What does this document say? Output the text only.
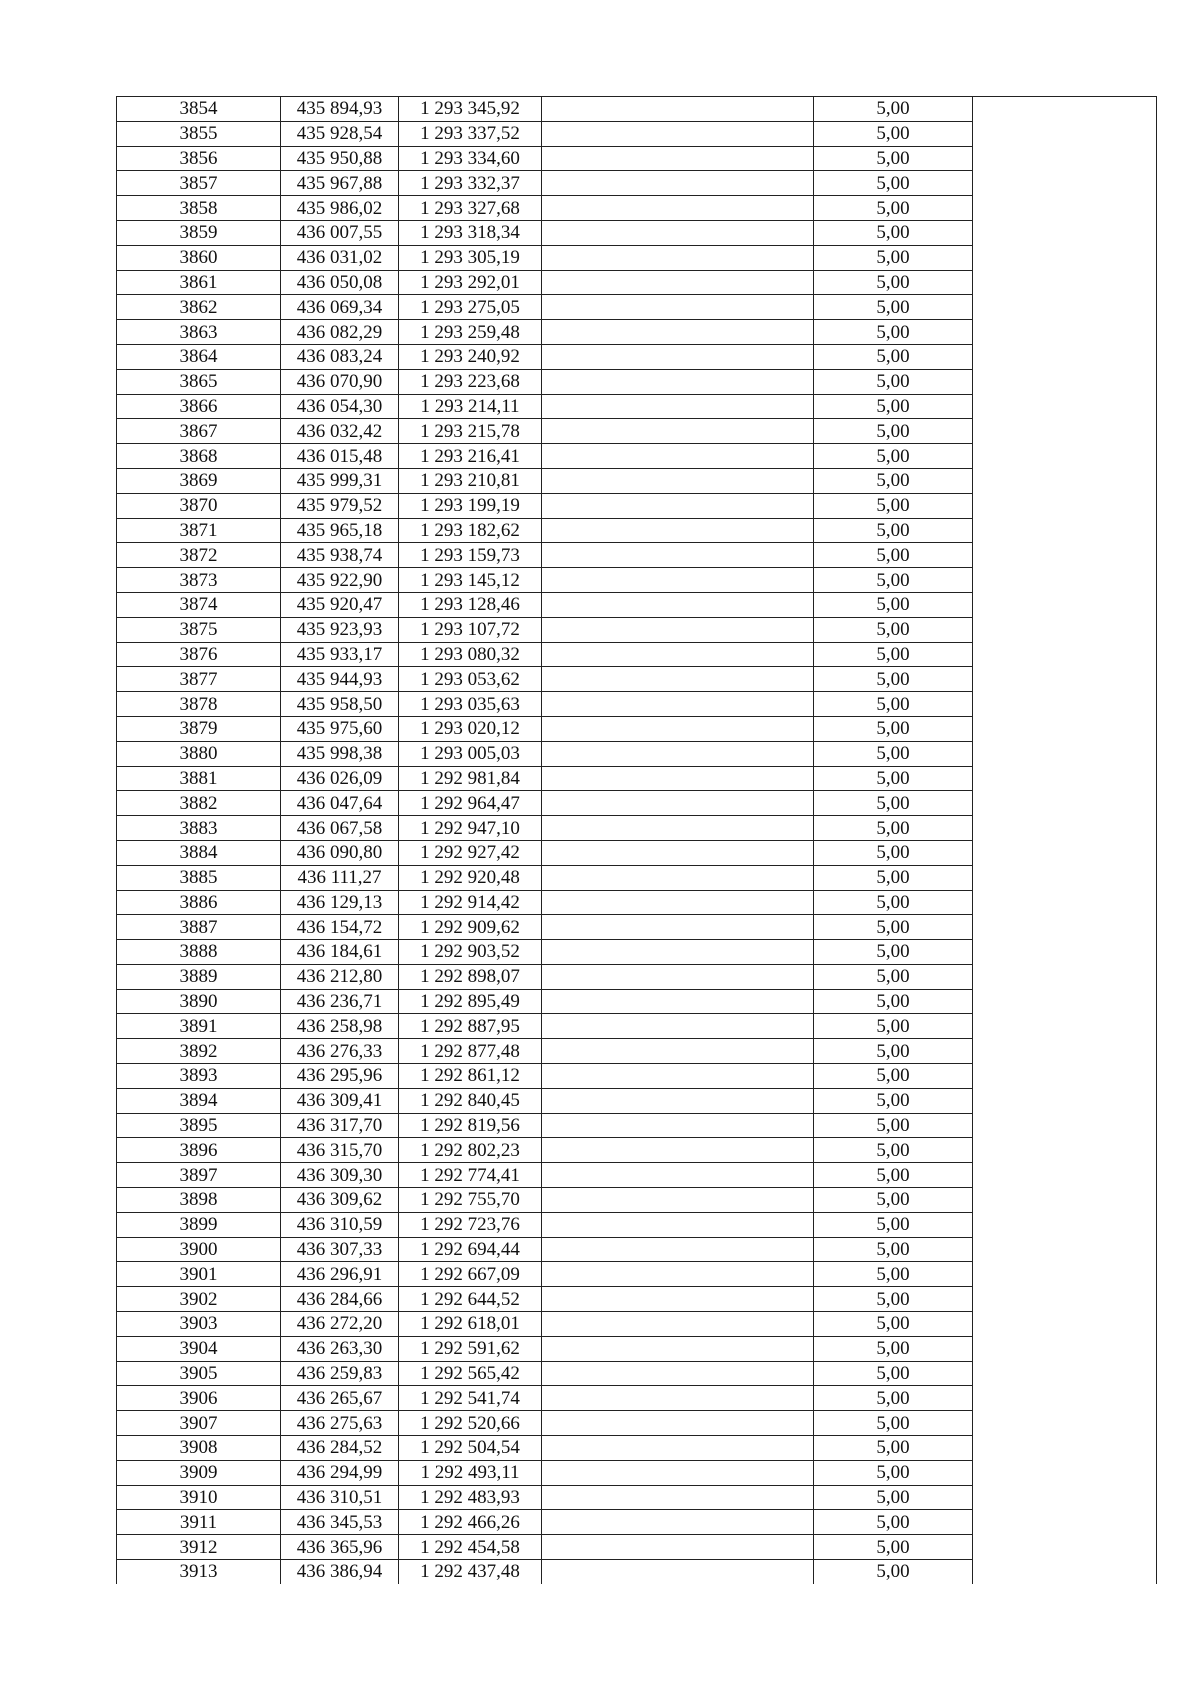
3854	435 894,93	1 293 345,92		5,00	
3855	435 928,54	1 293 337,52		5,00	
3856	435 950,88	1 293 334,60		5,00	
3857	435 967,88	1 293 332,37		5,00	
3858	435 986,02	1 293 327,68		5,00	
3859	436 007,55	1 293 318,34		5,00	
3860	436 031,02	1 293 305,19		5,00	
3861	436 050,08	1 293 292,01		5,00	
3862	436 069,34	1 293 275,05		5,00	
3863	436 082,29	1 293 259,48		5,00	
3864	436 083,24	1 293 240,92		5,00	
3865	436 070,90	1 293 223,68		5,00	
3866	436 054,30	1 293 214,11		5,00	
3867	436 032,42	1 293 215,78		5,00	
3868	436 015,48	1 293 216,41		5,00	
3869	435 999,31	1 293 210,81		5,00	
3870	435 979,52	1 293 199,19		5,00	
3871	435 965,18	1 293 182,62		5,00	
3872	435 938,74	1 293 159,73		5,00	
3873	435 922,90	1 293 145,12		5,00	
3874	435 920,47	1 293 128,46		5,00	
3875	435 923,93	1 293 107,72		5,00	
3876	435 933,17	1 293 080,32		5,00	
3877	435 944,93	1 293 053,62		5,00	
3878	435 958,50	1 293 035,63		5,00	
3879	435 975,60	1 293 020,12		5,00	
3880	435 998,38	1 293 005,03		5,00	
3881	436 026,09	1 292 981,84		5,00	
3882	436 047,64	1 292 964,47		5,00	
3883	436 067,58	1 292 947,10		5,00	
3884	436 090,80	1 292 927,42		5,00	
3885	436 111,27	1 292 920,48		5,00	
3886	436 129,13	1 292 914,42		5,00	
3887	436 154,72	1 292 909,62		5,00	
3888	436 184,61	1 292 903,52		5,00	
3889	436 212,80	1 292 898,07		5,00	
3890	436 236,71	1 292 895,49		5,00	
3891	436 258,98	1 292 887,95		5,00	
3892	436 276,33	1 292 877,48		5,00	
3893	436 295,96	1 292 861,12		5,00	
3894	436 309,41	1 292 840,45		5,00	
3895	436 317,70	1 292 819,56		5,00	
3896	436 315,70	1 292 802,23		5,00	
3897	436 309,30	1 292 774,41		5,00	
3898	436 309,62	1 292 755,70		5,00	
3899	436 310,59	1 292 723,76		5,00	
3900	436 307,33	1 292 694,44		5,00	
3901	436 296,91	1 292 667,09		5,00	
3902	436 284,66	1 292 644,52		5,00	
3903	436 272,20	1 292 618,01		5,00	
3904	436 263,30	1 292 591,62		5,00	
3905	436 259,83	1 292 565,42		5,00	
3906	436 265,67	1 292 541,74		5,00	
3907	436 275,63	1 292 520,66		5,00	
3908	436 284,52	1 292 504,54		5,00	
3909	436 294,99	1 292 493,11		5,00	
3910	436 310,51	1 292 483,93		5,00	
3911	436 345,53	1 292 466,26		5,00	
3912	436 365,96	1 292 454,58		5,00	
3913	436 386,94	1 292 437,48		5,00	
